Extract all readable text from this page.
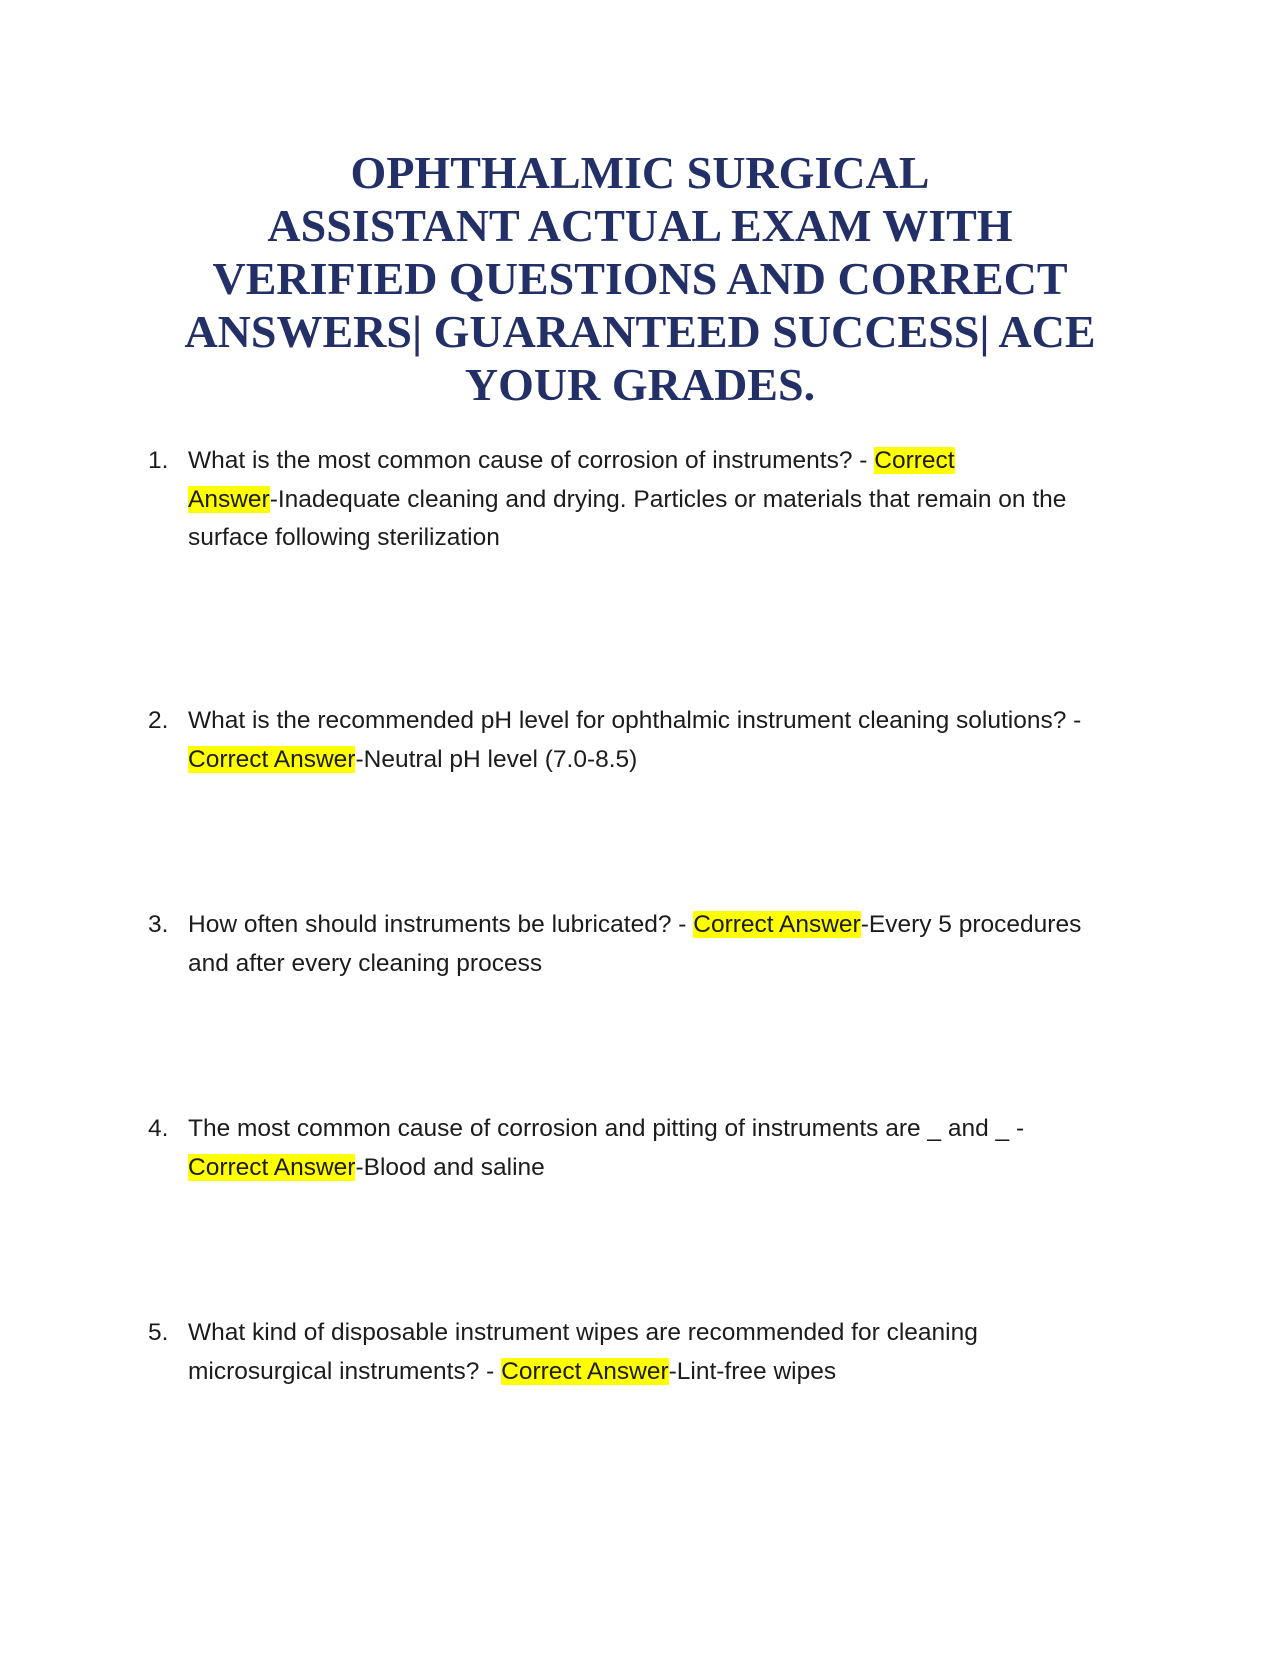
OPHTHALMIC SURGICAL
ASSISTANT ACTUAL EXAM WITH
VERIFIED QUESTIONS AND CORRECT
ANSWERS| GUARANTEED SUCCESS| ACE
YOUR GRADES.
1. What is the most common cause of corrosion of instruments? - Correct
Answer-Inadequate cleaning and drying. Particles or materials that remain on the surface following sterilization
2. What is the recommended pH level for ophthalmic instrument cleaning solutions? - Correct Answer-Neutral pH level (7.0-8.5)
3. How often should instruments be lubricated? - Correct Answer-Every 5 procedures and after every cleaning process
4. The most common cause of corrosion and pitting of instruments are _ and _ -
Correct Answer-Blood and saline
5. What kind of disposable instrument wipes are recommended for cleaning microsurgical instruments? - Correct Answer-Lint-free wipes
